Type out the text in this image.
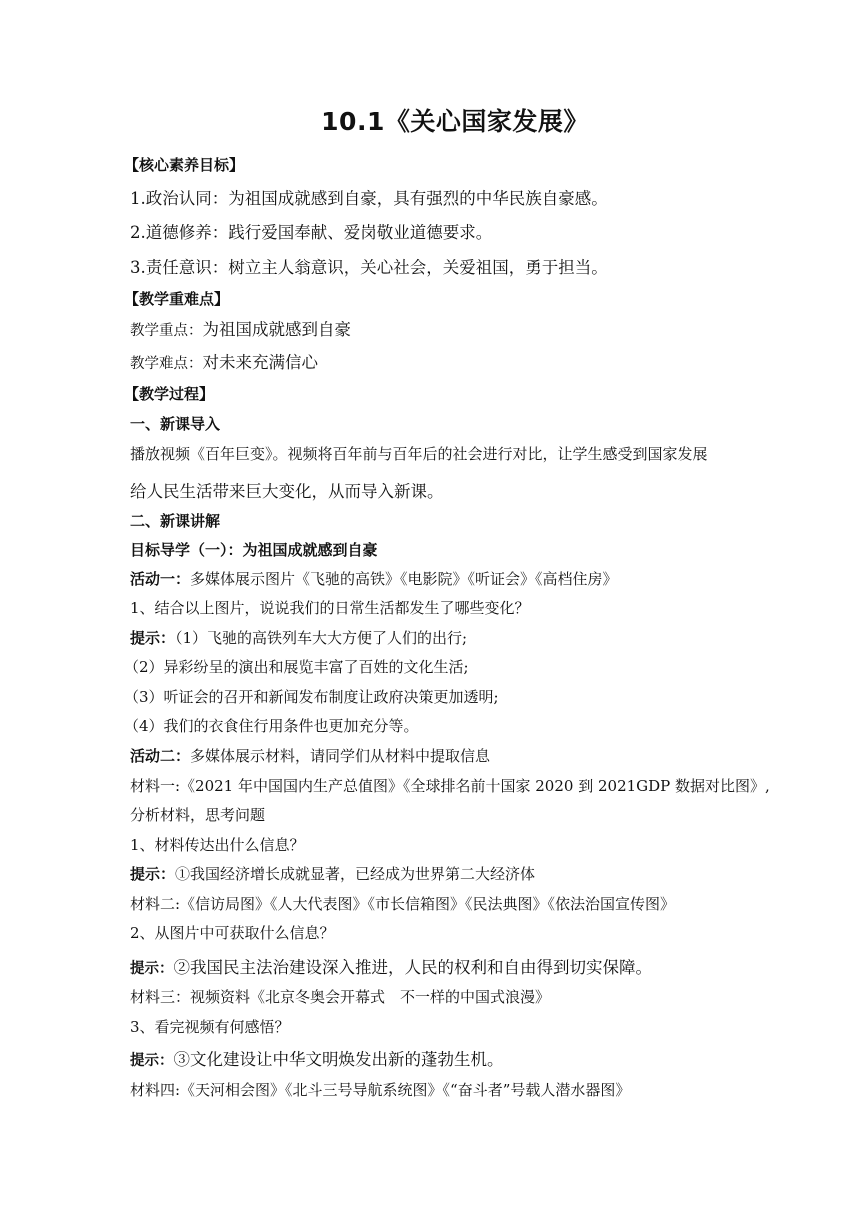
10.1《关心国家发展》
【核心素养目标】
1.政治认同：为祖国成就感到自豪，具有强烈的中华民族自豪感。
2.道德修养：践行爱国奉献、爱岗敬业道德要求。
3.责任意识：树立主人翁意识，关心社会，关爱祖国，勇于担当。
【教学重难点】
教学重点：为祖国成就感到自豪
教学难点：对未来充满信心
【教学过程】
一、新课导入
播放视频《百年巨变》。视频将百年前与百年后的社会进行对比，让学生感受到国家发展
给人民生活带来巨大变化，从而导入新课。
二、新课讲解
目标导学（一）：为祖国成就感到自豪
活动一：多媒体展示图片《飞驰的高铁》《电影院》《听证会》《高档住房》
1、结合以上图片，说说我们的日常生活都发生了哪些变化？
提示：（1）飞驰的高铁列车大大方便了人们的出行;
（2）异彩纷呈的演出和展览丰富了百姓的文化生活;
（3）听证会的召开和新闻发布制度让政府决策更加透明;
（4）我们的衣食住行用条件也更加充分等。
活动二：多媒体展示材料，请同学们从材料中提取信息
材料一:《2021 年中国国内生产总值图》《全球排名前十国家 2020 到 2021GDP 数据对比图》,
分析材料，思考问题
1、材料传达出什么信息？
提示：①我国经济增长成就显著，已经成为世界第二大经济体
材料二:《信访局图》《人大代表图》《市长信箱图》《民法典图》《依法治国宣传图》
2、从图片中可获取什么信息？
提示：②我国民主法治建设深入推进，人民的权利和自由得到切实保障。
材料三：视频资料《北京冬奥会开幕式　不一样的中国式浪漫》
3、看完视频有何感悟？
提示：③文化建设让中华文明焕发出新的蓬勃生机。
材料四:《天河相会图》《北斗三号导航系统图》《“奋斗者”号载人潜水器图》
